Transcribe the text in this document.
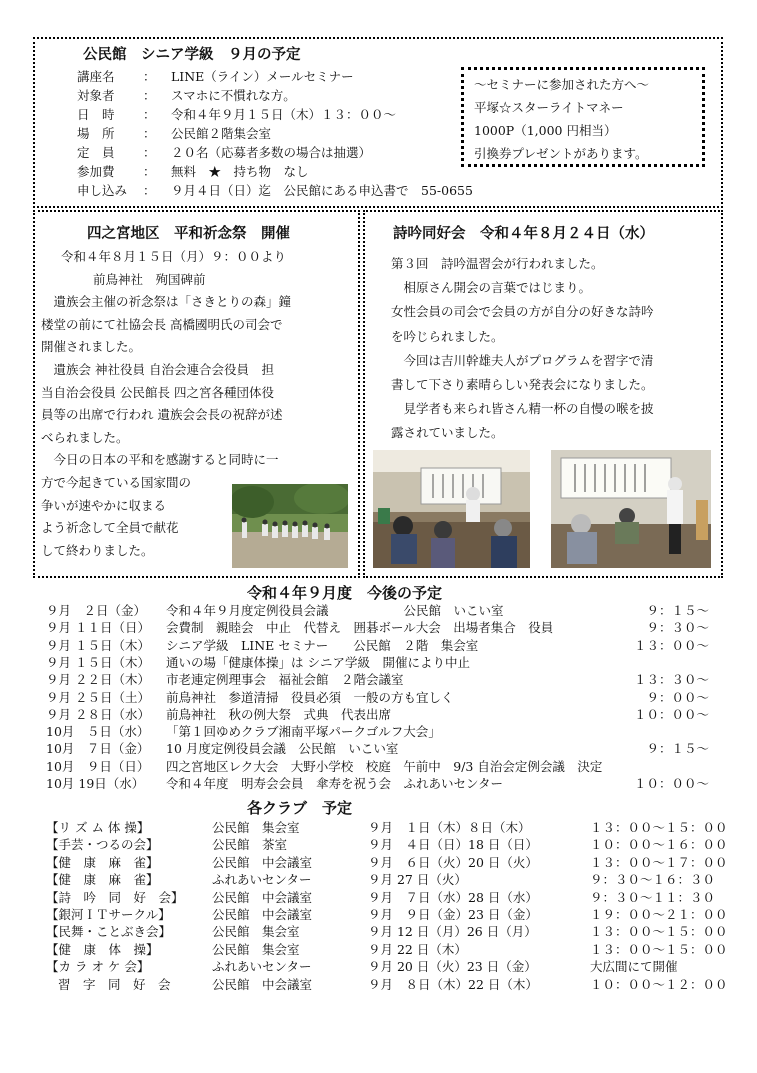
公民館　シニア学級　９月の予定
講座名 ： LINE（ライン）メールセミナー
対象者 ： スマホに不慣れな方。
日　時 ： 令和４年９月１５日（木）１３：００〜
場　所 ： 公民館２階集会室
定　員 ： ２０名（応募者多数の場合は抽選）
参加費 ： 無料　★　持ち物　なし
申し込み ： ９月４日（日）迄　公民館にある申込書で　55-0655
〜セミナーに参加された方へ〜
平塚☆スターライトマネー
1000P（1,000 円相当）
引換券プレゼントがあります。
四之宮地区　平和祈念祭　開催
令和４年８月１５日（月）９：００より
前鳥神社　殉国碑前
　遺族会主催の祈念祭は「さきとりの森」鐘
楼堂の前にて社協会長 高橋國明氏の司会で
開催されました。
　遺族会 神社役員 自治会連合会役員　担
当自治会役員 公民館長 四之宮各種団体役
員等の出席で行われ 遺族会会長の祝辞が述
べられました。
　今日の日本の平和を感謝すると同時に一
方で今起きている国家間の
争いが速やかに収まる
よう祈念して全員で献花
して終わりました。
詩吟同好会　令和４年８月２４日（水）
第３回　詩吟温習会が行われました。
　相原さん開会の言葉ではじまり。
女性会員の司会で会員の方が自分の好きな詩吟
を吟じられました。
　今回は吉川幹雄夫人がプログラムを習字で清
書して下さり素晴らしい発表会になりました。
　見学者も来られ皆さん精一杯の自慢の喉を披
露されていました。
令和４年９月度　今後の予定
９月　２日（金） 令和４年９月度定例役員会議　　　　　　公民館　いこい室	９：１５〜
９月 １１日（日） 会費制　親睦会　中止　代替え　囲碁ボール大会　出場者集合　役員	９：３０〜
９月 １５日（木） シニア学級　LINE セミナー　　公民館　２階　集会室	１３：００〜
９月 １５日（木） 通いの場「健康体操」は シニア学級　開催により中止
９月 ２２日（木） 市老連定例理事会　福祉会館　２階会議室	１３：３０〜
９月 ２５日（土） 前鳥神社　参道清掃　役員必須　一般の方も宜しく	９：００〜
９月 ２８日（水） 前鳥神社　秋の例大祭　式典　代表出席	１０：００〜
10月　５日（水） 「第１回ゆめクラブ湘南平塚パークゴルフ大会」
10月　７日（金） 10 月度定例役員会議　公民館　いこい室	９：１５〜
10月　９日（日） 四之宮地区レク大会　大野小学校　校庭　午前中　9/3 自治会定例会議　決定
10月 19日（水） 令和４年度　明寿会会員　傘寿を祝う会　ふれあいセンター	１０：００〜
各クラブ　予定
【リ ズ ム 体 操】	公民館　集会室	９月　１日（木）８日（木）	１３：００〜１５：００
【手芸・つるの会】	公民館　茶室	９月　４日（日）18 日（日）	１０：００〜１６：００
【健　康　麻　雀】	公民館　中会議室	９月　６日（火）20 日（火）	１３：００〜１７：００
【健　康　麻　雀】	ふれあいセンター	９月 27 日（火）	９：３０〜１６：３０
【詩　吟　同　好　会】 公民館　中会議室	９月　７日（水）28 日（水）	９：３０〜１１：３０
【銀河ＩＴサークル】	公民館　中会議室	９月　９日（金）23 日（金）	１９：００〜２１：００
【民舞・ことぶき会】	公民館　集会室	９月 12 日（月）26 日（月）	１３：００〜１５：００
【健　康　体　操】	公民館　集会室	９月 22 日（木）	１３：００〜１５：００
【カ ラ オ ケ 会】	ふれあいセンター	９月 20 日（火）23 日（金）	大広間にて開催
習　字　同　好　会	公民館　中会議室	９月　８日（木）22 日（木）	１０：００〜１２：００
